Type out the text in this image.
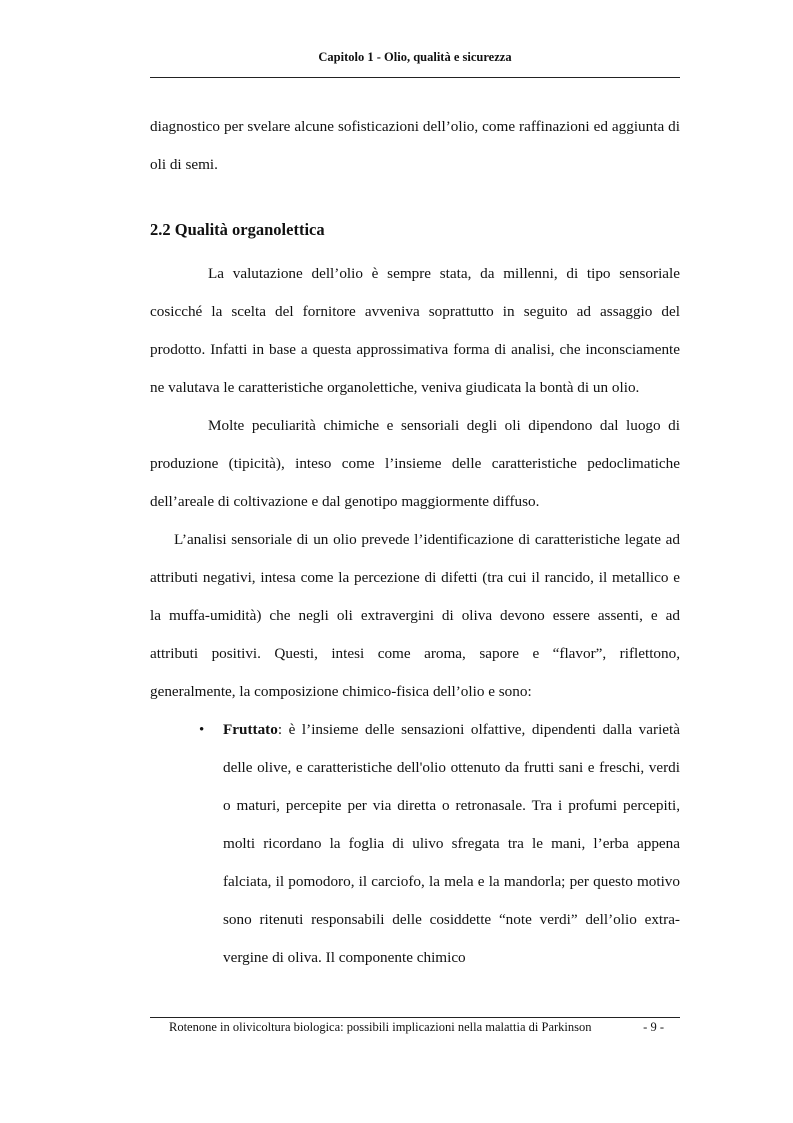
Capitolo 1 - Olio, qualità e sicurezza

diagnostico per svelare alcune sofisticazioni dell’olio, come raffinazioni ed aggiunta di oli di semi.

2.2 Qualità organolettica

La valutazione dell’olio è sempre stata, da millenni, di tipo sensoriale cosicché la scelta del fornitore avveniva soprattutto in seguito ad assaggio del prodotto. Infatti in base a questa approssimativa forma di analisi, che inconsciamente ne valutava le caratteristiche organolettiche, veniva giudicata la bontà di un olio.

Molte peculiarità chimiche e sensoriali degli oli dipendono dal luogo di produzione (tipicità), inteso come l’insieme delle caratteristiche pedoclimatiche dell’areale di coltivazione e dal genotipo maggiormente diffuso.

L’analisi sensoriale di un olio prevede l’identificazione di caratteristiche legate ad attributi negativi, intesa come la percezione di difetti (tra cui il rancido, il metallico e la muffa-umidità) che negli oli extravergini di oliva devono essere assenti, e ad attributi positivi. Questi, intesi come aroma, sapore e “flavor”, riflettono, generalmente, la composizione chimico-fisica dell’olio e sono:

• Fruttato: è l’insieme delle sensazioni olfattive, dipendenti dalla varietà delle olive, e caratteristiche dell'olio ottenuto da frutti sani e freschi, verdi o maturi, percepite per via diretta o retronasale. Tra i profumi percepiti, molti ricordano la foglia di ulivo sfregata tra le mani, l’erba appena falciata, il pomodoro, il carciofo, la mela e la mandorla; per questo motivo sono ritenuti responsabili delle cosiddette “note verdi” dell’olio extra-vergine di oliva. Il componente chimico
Rotenone in olivicoltura biologica: possibili implicazioni nella malattia di Parkinson	- 9 -
